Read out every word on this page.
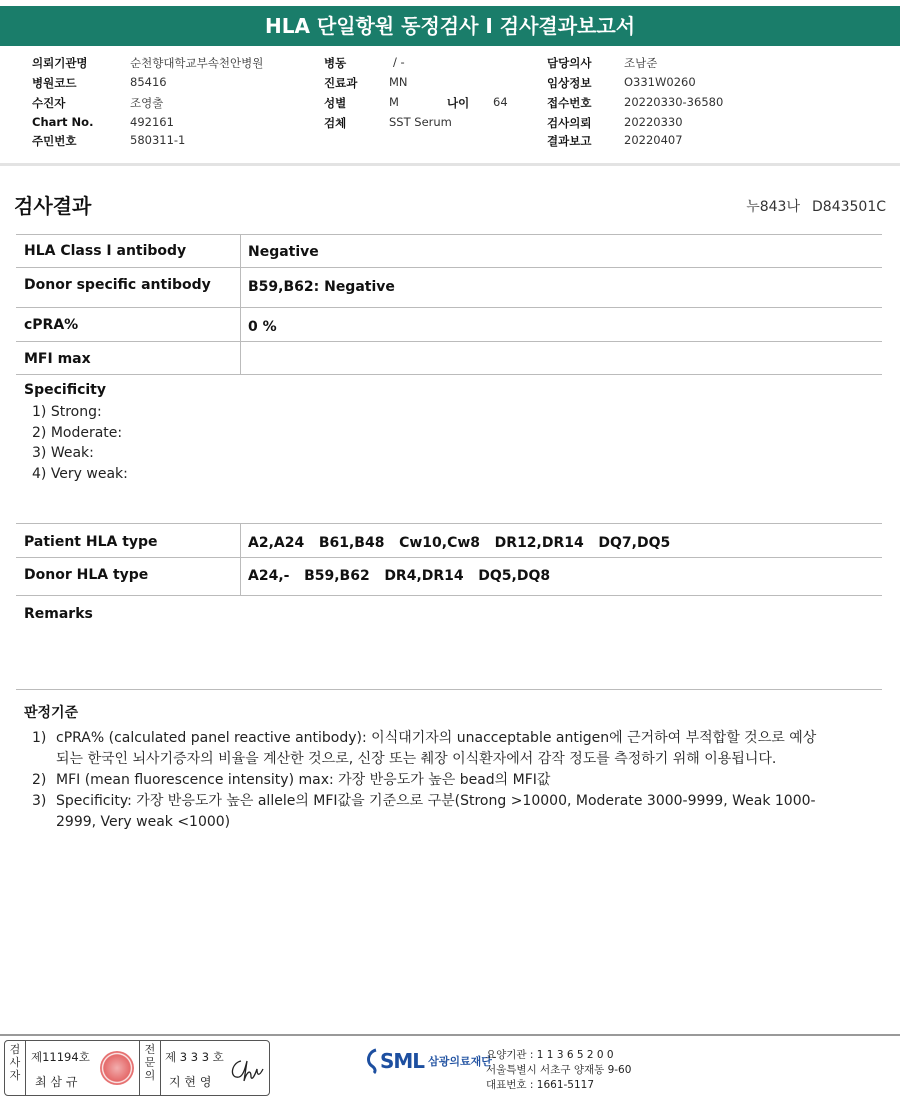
HLA 단일항원 동정검사 I 검사결과보고서
의뢰기관명	순천향대학교부속천안병원	병동	/ -	담당의사	조남준
병원코드	85416	진료과	MN	임상정보	O331W0260
수진자	조영출	성별	M	나이 64	접수번호	20220330-36580
Chart No.	492161	검체	SST Serum	검사의뢰	20220330
주민번호	580311-1	결과보고	20220407
검사결과	누843나 D843501C
HLA Class I antibody	Negative
Donor specific antibody	B59,B62: Negative
cPRA%	0 %
MFI max
Specificity
1) Strong:
2) Moderate:
3) Weak:
4) Very weak:
Patient HLA type	A2,A24   B61,B48   Cw10,Cw8   DR12,DR14   DQ7,DQ5
Donor HLA type	A24,-   B59,B62   DR4,DR14   DQ5,DQ8
Remarks
판정기준
1) cPRA% (calculated panel reactive antibody): 이식대기자의 unacceptable antigen에 근거하여 부적합할 것으로 예상되는 한국인 뇌사기증자의 비율을 계산한 것으로, 신장 또는 췌장 이식환자에서 감작 정도를 측정하기 위해 이용됩니다.
2) MFI (mean fluorescence intensity) max: 가장 반응도가 높은 bead의 MFI값
3) Specificity: 가장 반응도가 높은 allele의 MFI값을 기준으로 구분(Strong >10000, Moderate 3000-9999, Weak 1000-2999, Very weak <1000)
검사자
제11194호
최 삼 규
전문의
제 3 3 3 호
지 현 영
SML 삼광의료재단
요양기관 : 1 1 3 6 5 2 0 0
서울특별시 서초구 양재동 9-60
대표번호 : 1661-5117
